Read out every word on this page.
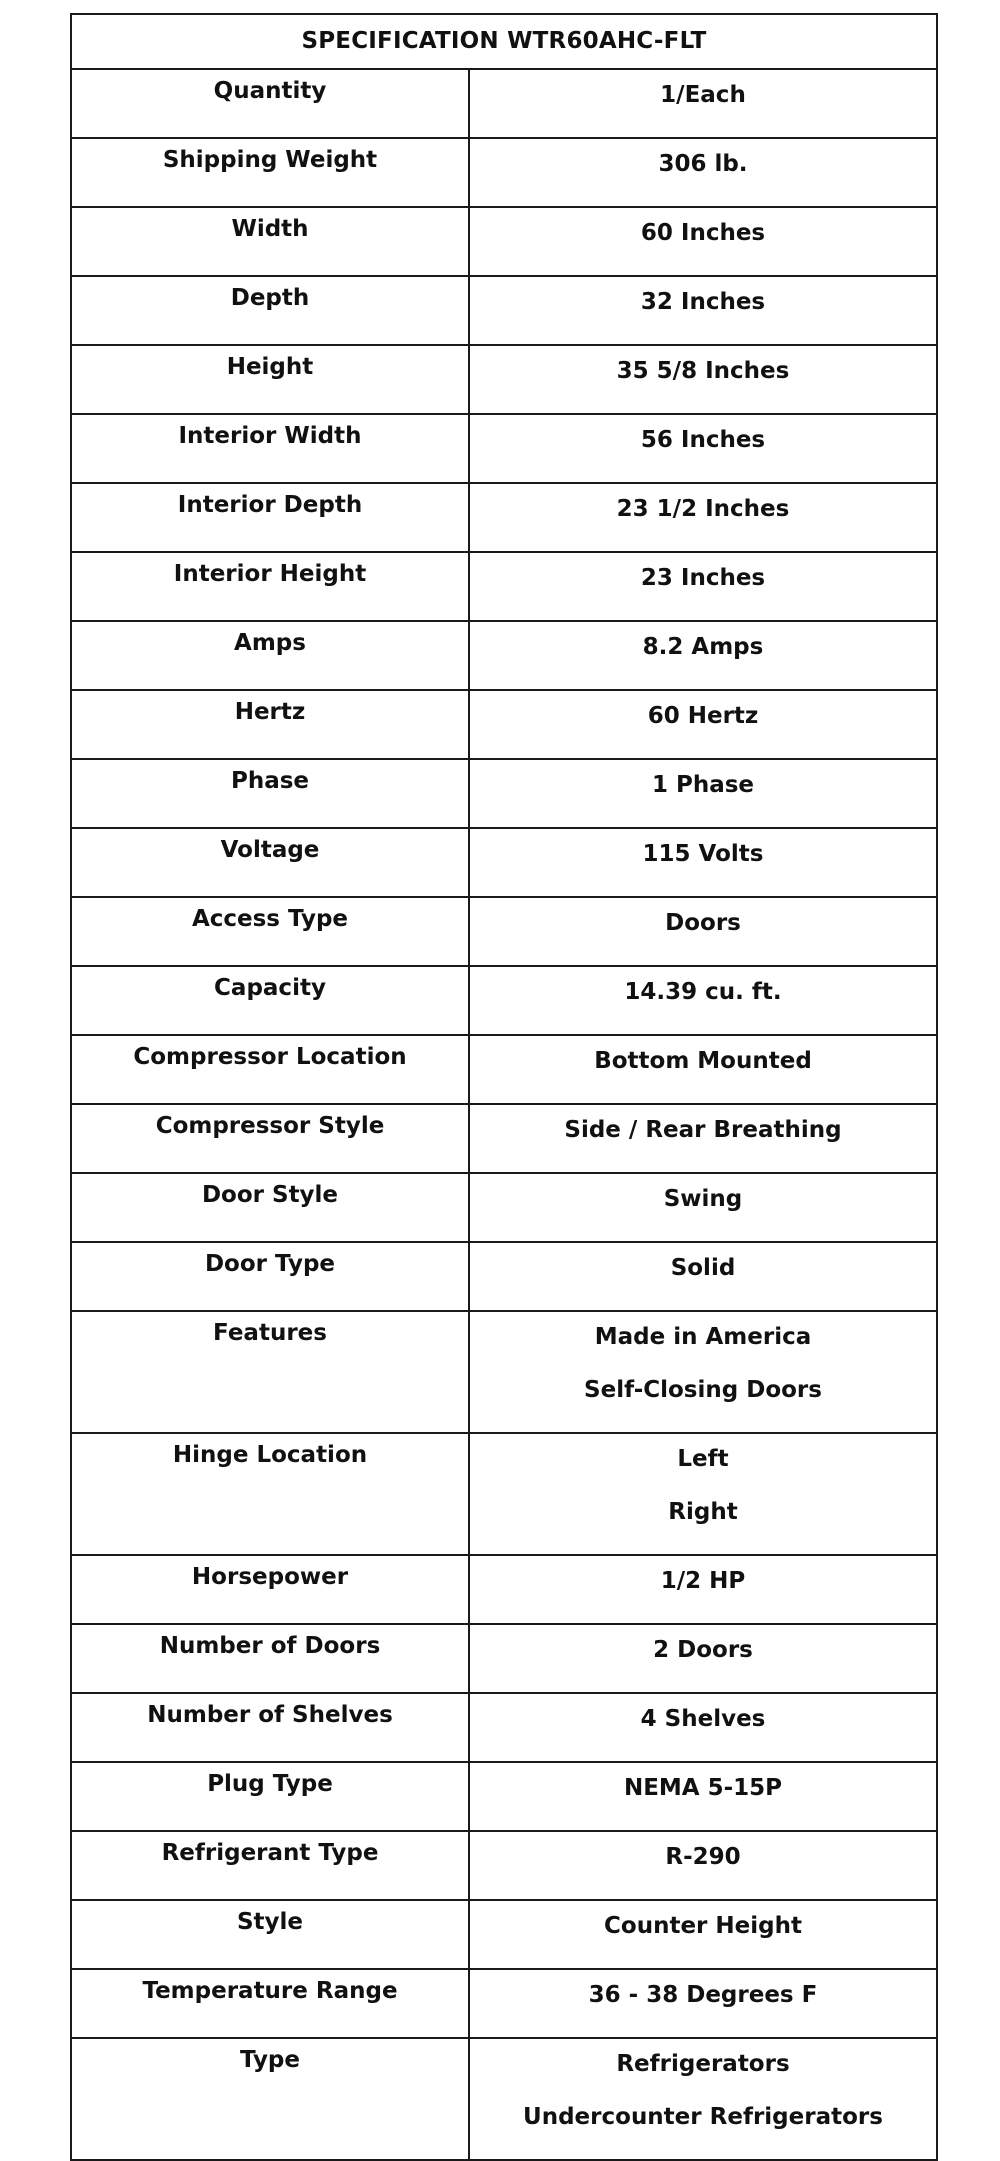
SPECIFICATION WTR60AHC-FLT	
Quantity	1/Each

Shipping Weight	306 lb.

Width	60 Inches

Depth	32 Inches

Height	35 5/8 Inches

Interior Width	56 Inches

Interior Depth	23 1/2 Inches

Interior Height	23 Inches

Amps	8.2 Amps

Hertz	60 Hertz

Phase	1 Phase

Voltage	115 Volts

Access Type	Doors

Capacity	14.39 cu. ft.

Compressor Location	Bottom Mounted

Compressor Style	Side / Rear Breathing

Door Style	Swing

Door Type	Solid

Features	Made in America
Self-Closing Doors

Hinge Location	Left
Right

Horsepower	1/2 HP

Number of Doors	2 Doors

Number of Shelves	4 Shelves

Plug Type	NEMA 5-15P

Refrigerant Type	R-290

Style	Counter Height

Temperature Range	36 - 38 Degrees F

Type	Refrigerators
Undercounter Refrigerators
